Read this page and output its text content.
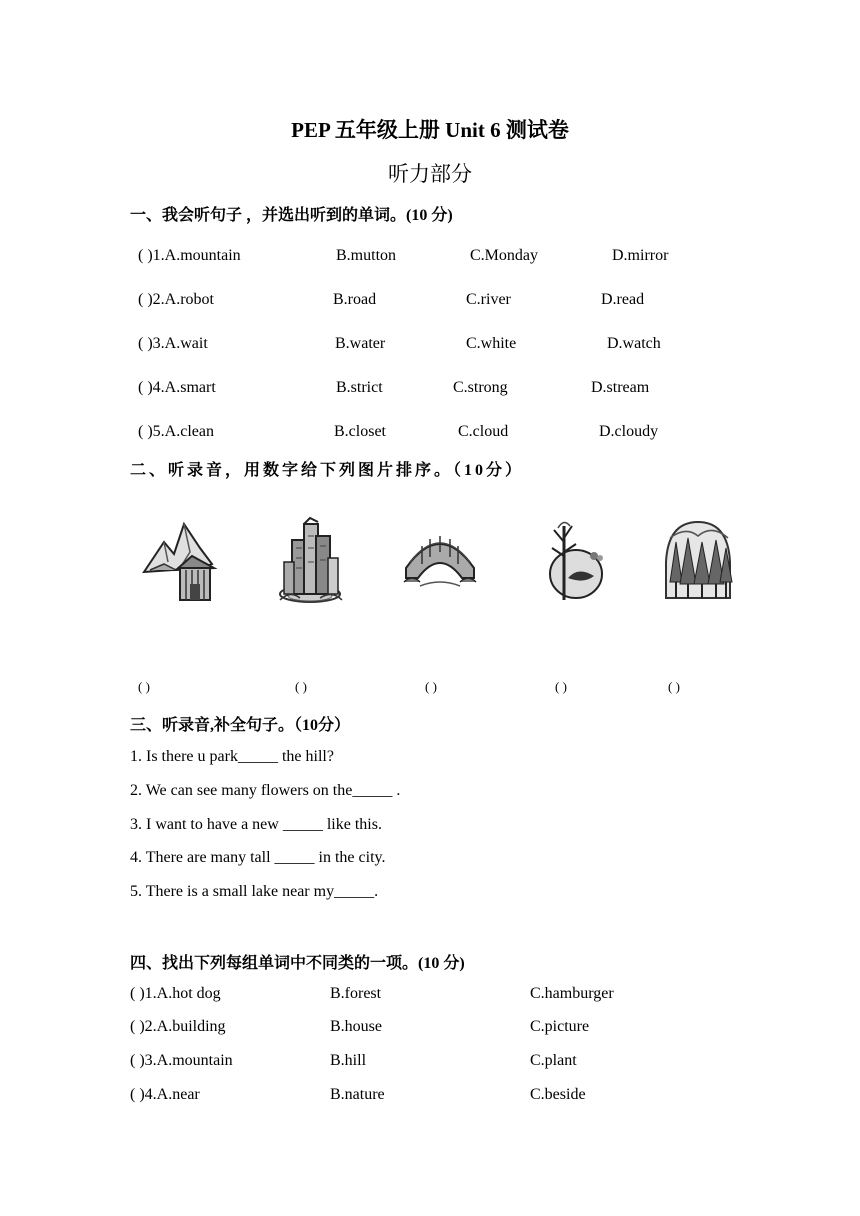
PEP 五年级上册 Unit 6 测试卷
听力部分
一、我会听句子 ，并选出听到的单词。(10 分)
( )1.A.mountain	B.mutton	C.Monday	D.mirror
( )2.A.robot	B.road	C.river	D.read
( )3.A.wait	B.water	C.white	D.watch
( )4.A.smart	B.strict	C.strong	D.stream
( )5.A.clean	B.closet	C.cloud	D.cloudy
二、听录音，用数字给下列图片排序。（10分）
( )	( )	( )	( )	( )
三、听录音,补全句子。（10分）
1. Is there u park_____ the hill?
2. We can see many flowers on the_____ .
3. I want to have a new _____ like this.
4. There are many tall _____ in the city.
5. There is a small lake near my_____.
四、找出下列每组单词中不同类的一项。(10 分)
( )1.A.hot dog	B.forest	C.hamburger
( )2.A.building	B.house	C.picture
( )3.A.mountain	B.hill	C.plant
( )4.A.near	B.nature	C.beside
